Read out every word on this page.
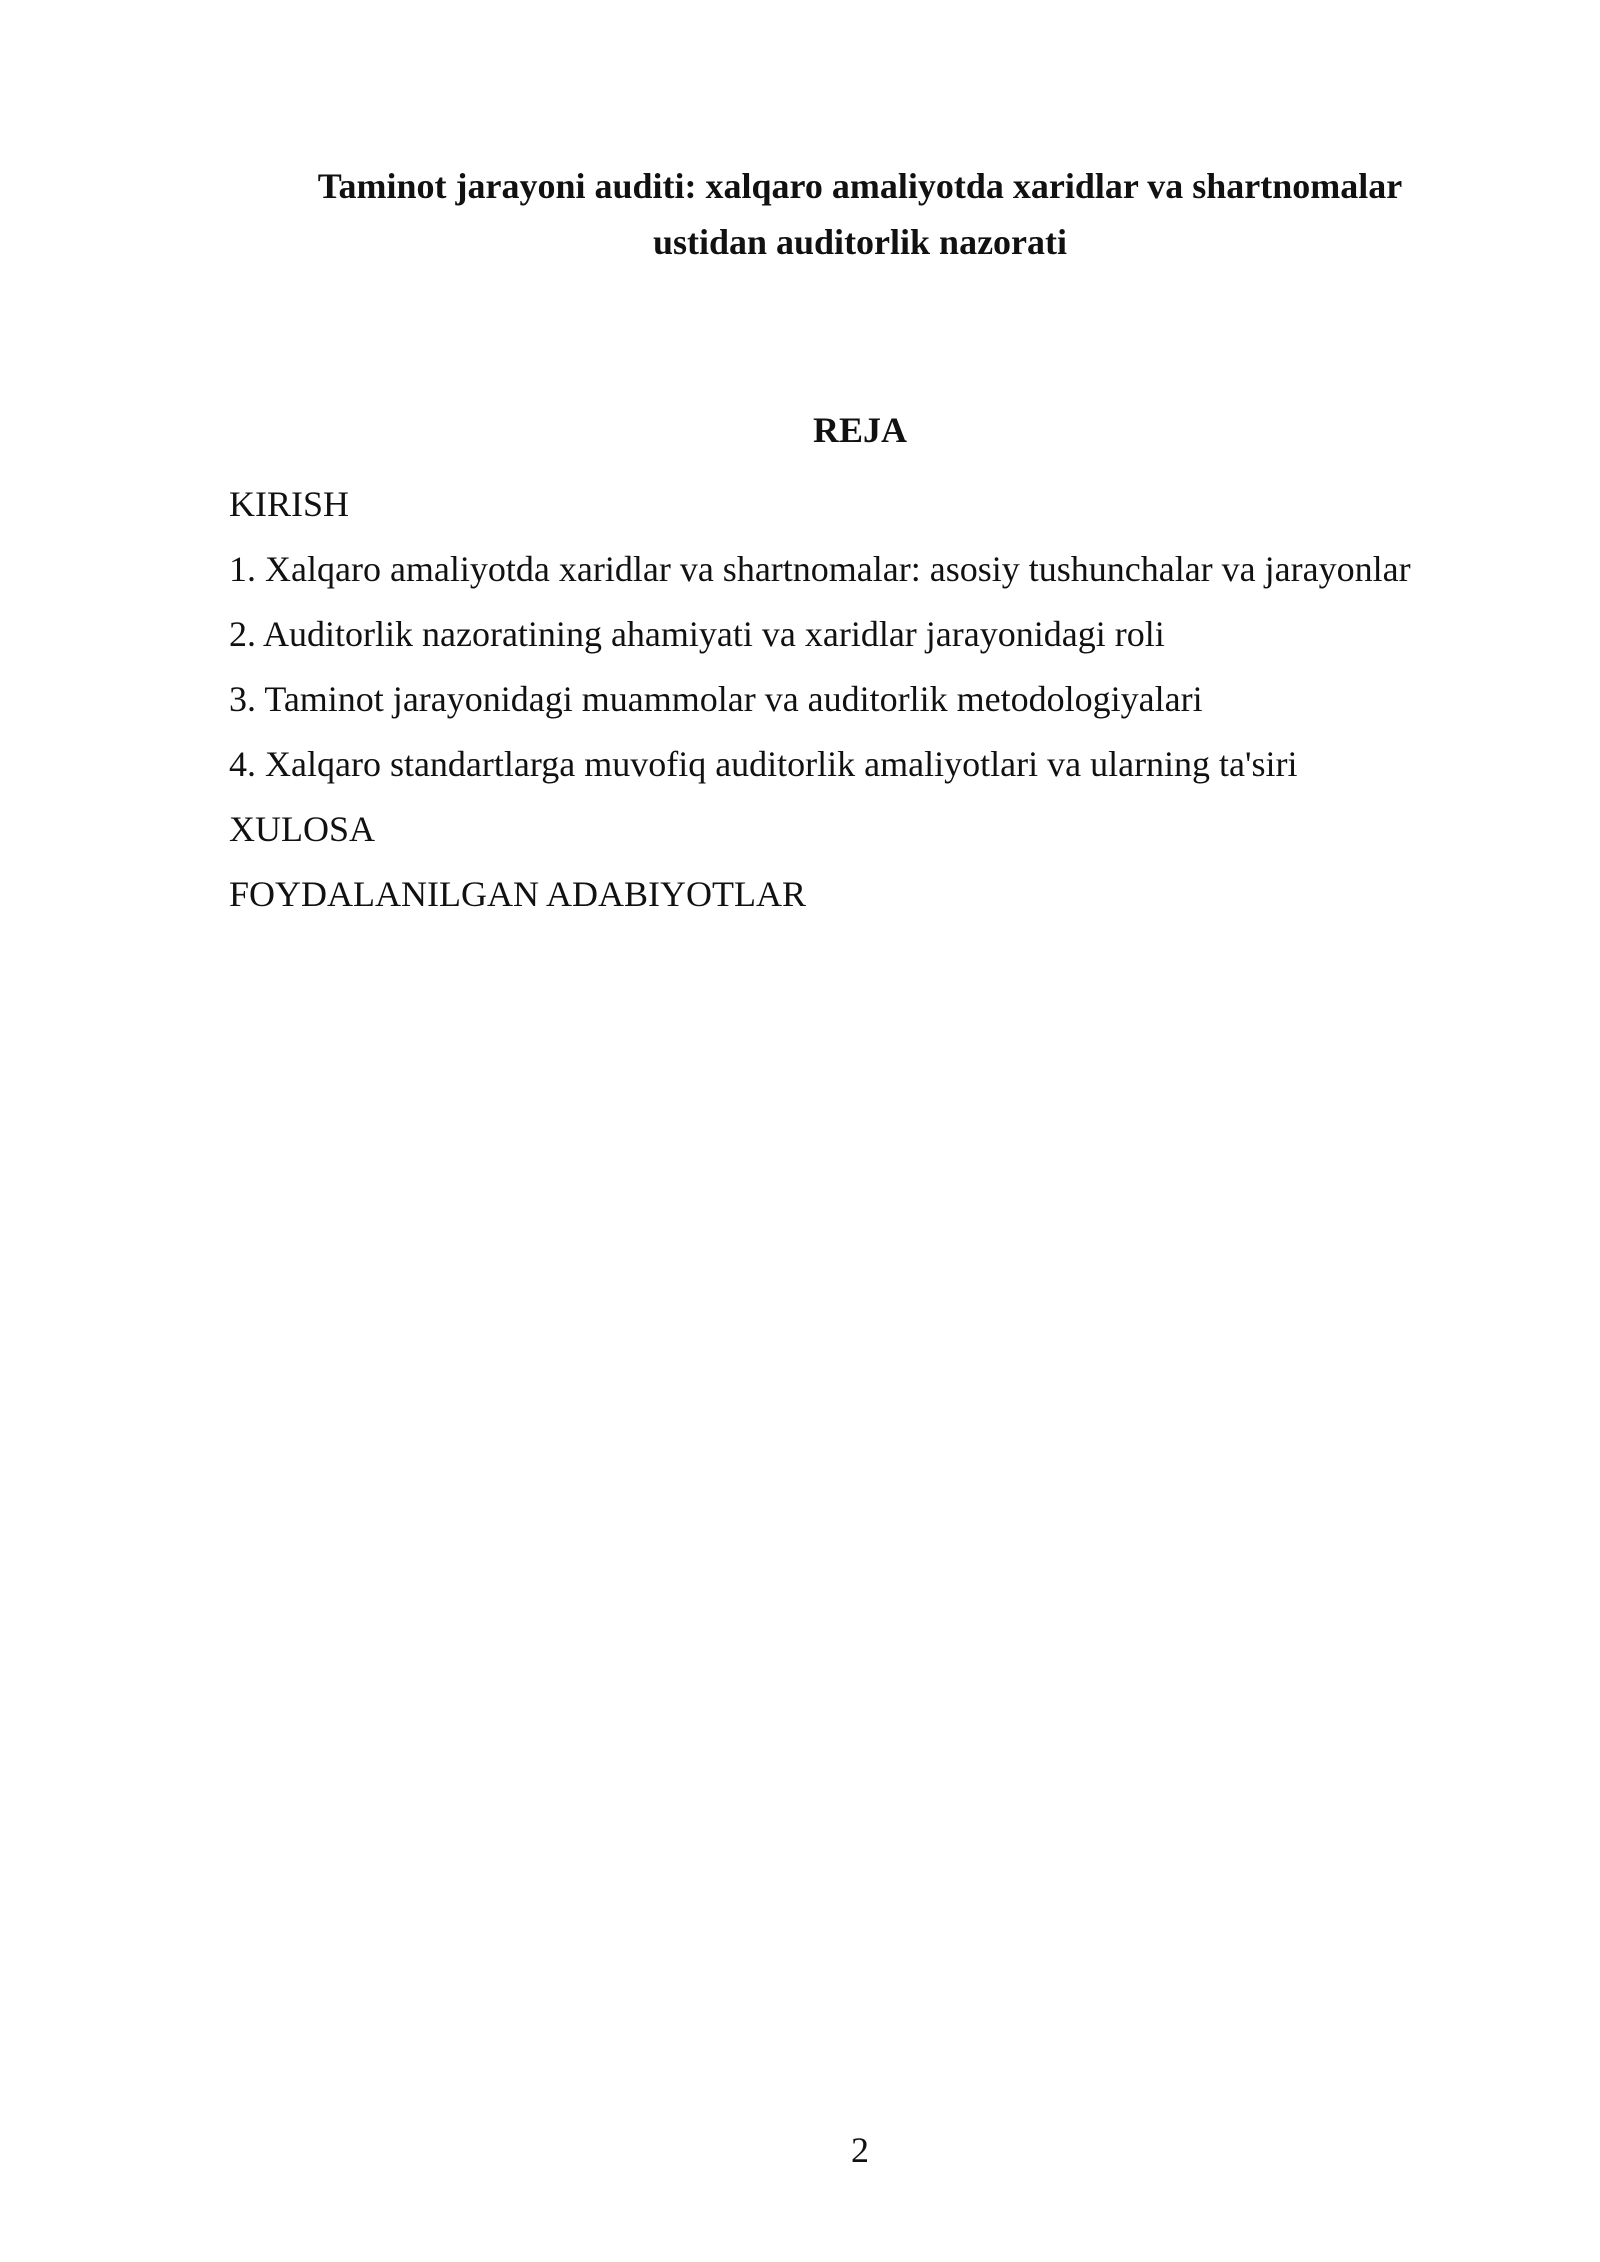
Taminot jarayoni auditi: xalqaro amaliyotda xaridlar va shartnomalar
ustidan auditorlik nazorati
REJA
KIRISH
1. Xalqaro amaliyotda xaridlar va shartnomalar: asosiy tushunchalar va jarayonlar
2. Auditorlik nazoratining ahamiyati va xaridlar jarayonidagi roli
3. Taminot jarayonidagi muammolar va auditorlik metodologiyalari
4. Xalqaro standartlarga muvofiq auditorlik amaliyotlari va ularning ta'siri
XULOSA
FOYDALANILGAN ADABIYOTLAR
2
